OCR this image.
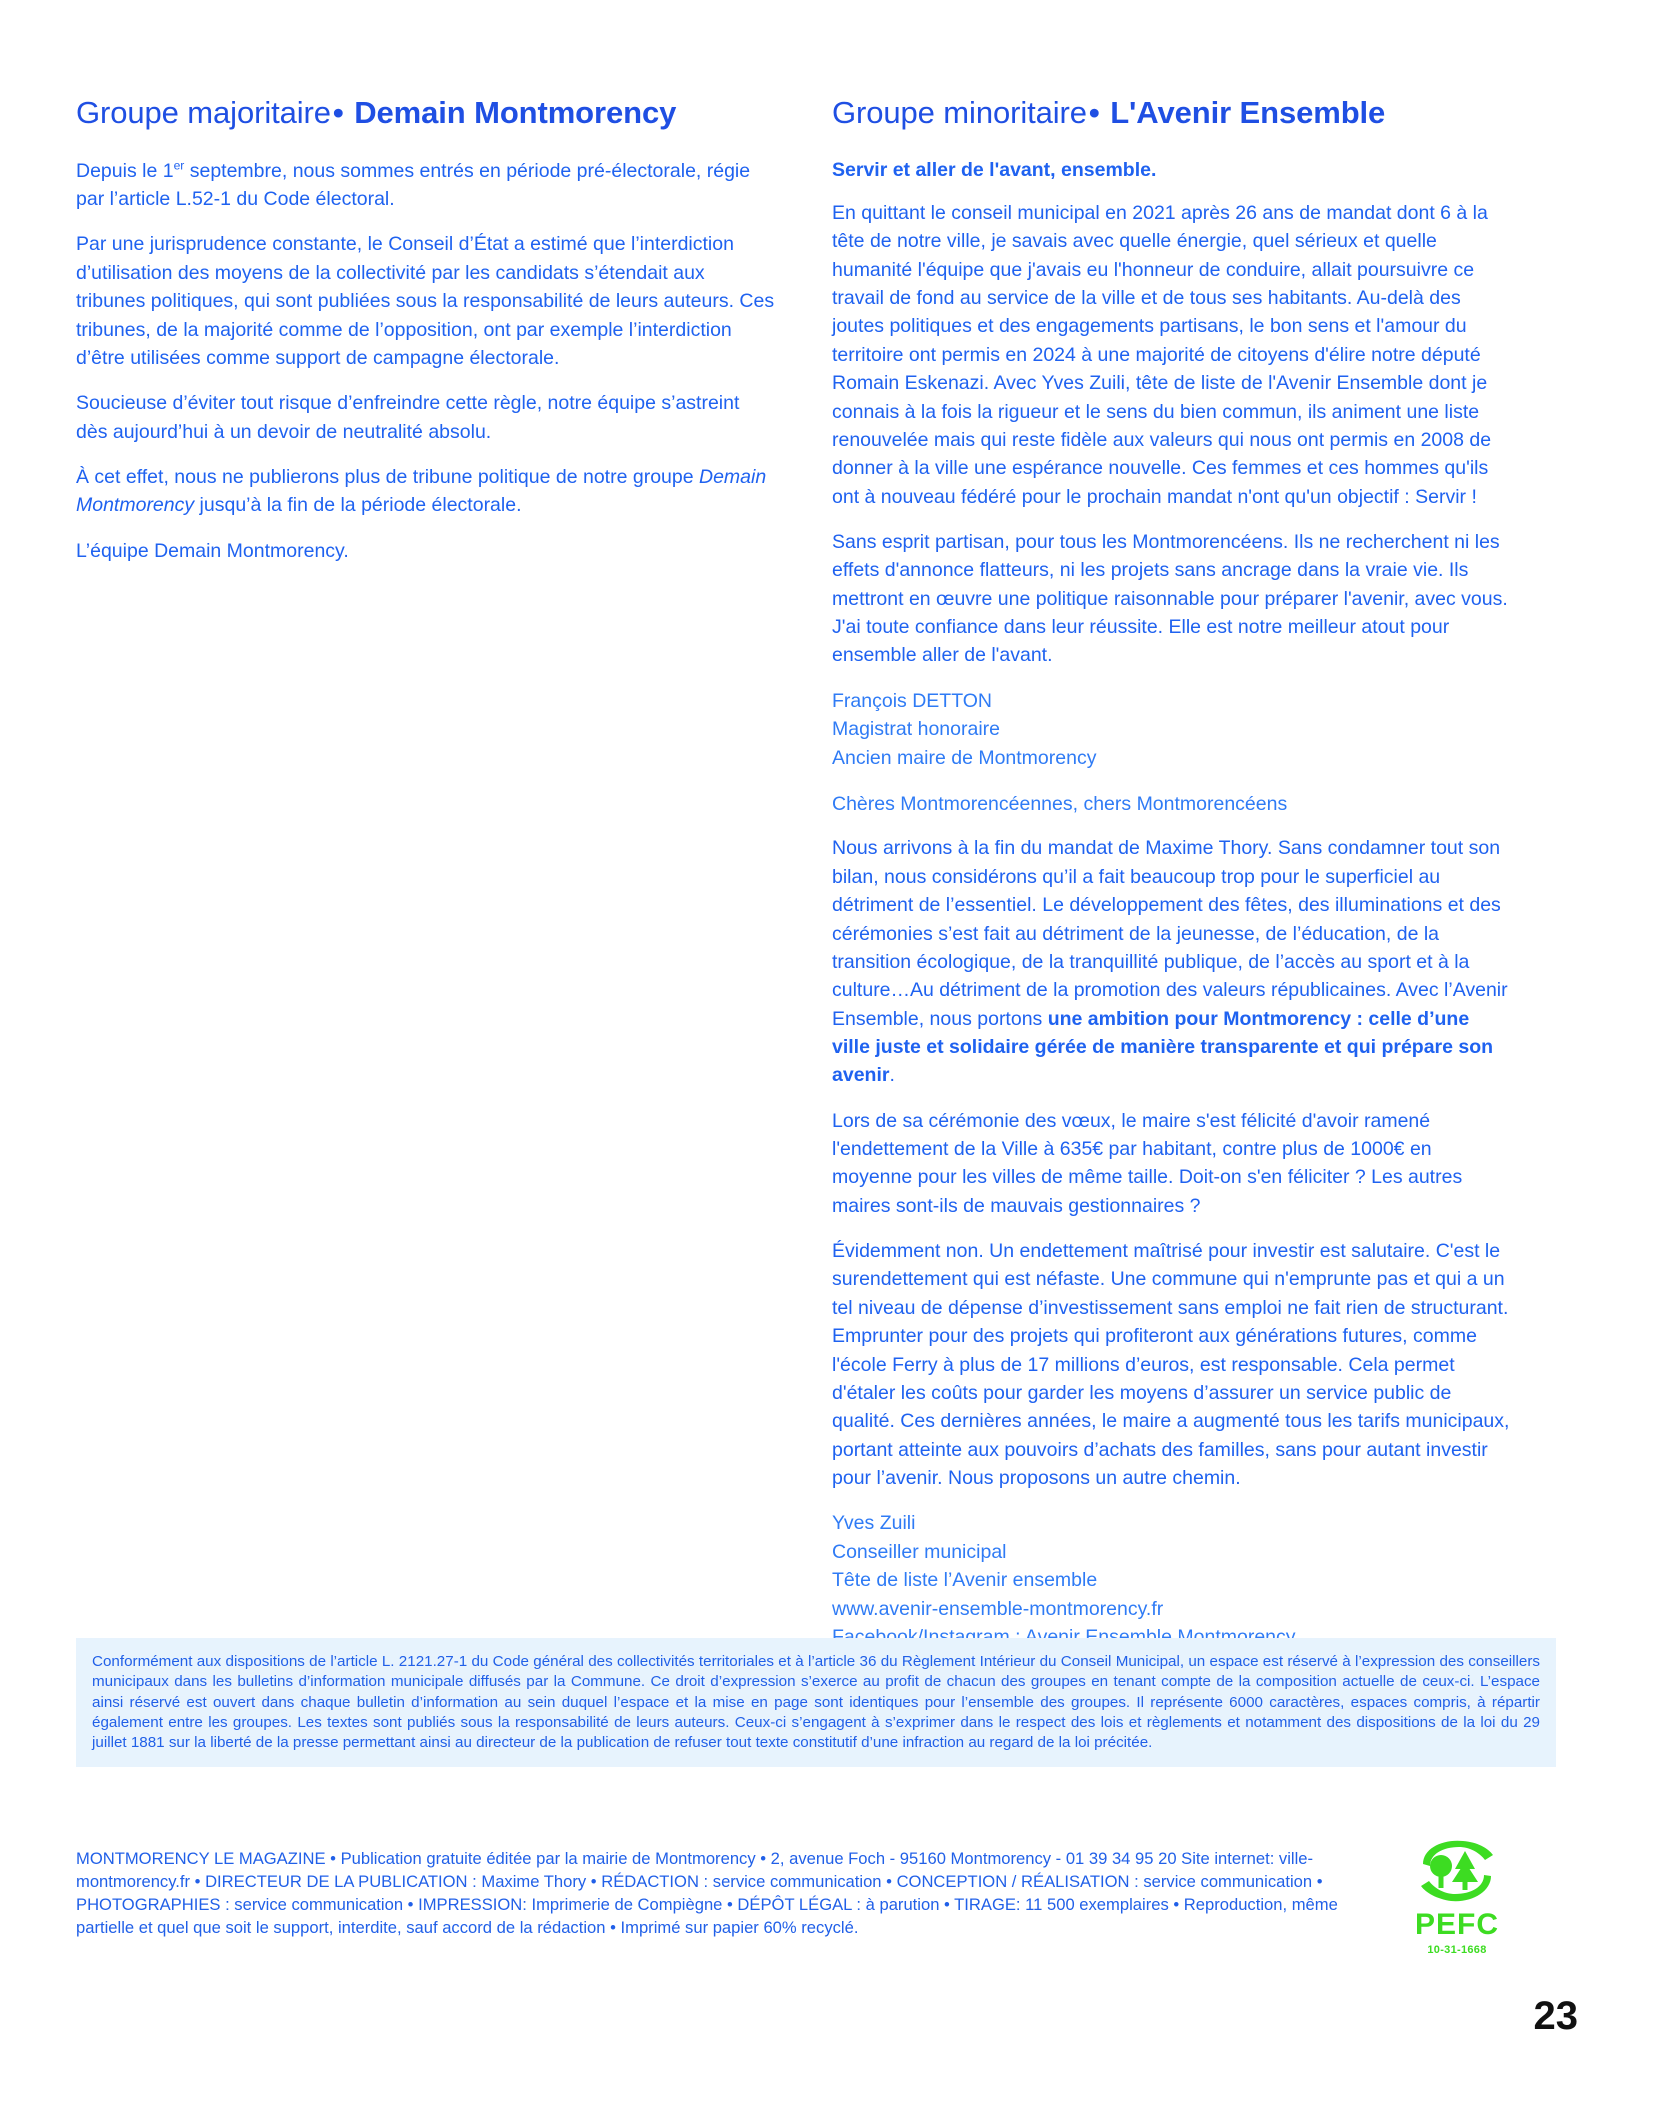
Groupe majoritaire• Demain Montmorency

Depuis le 1er septembre, nous sommes entrés en période pré-électorale, régie par l’article L.52-1 du Code électoral.

Par une jurisprudence constante, le Conseil d’État a estimé que l’interdiction d’utilisation des moyens de la collectivité par les candidats s’étendait aux tribunes politiques, qui sont publiées sous la responsabilité de leurs auteurs. Ces tribunes, de la majorité comme de l’opposition, ont par exemple l’interdiction d’être utilisées comme support de campagne électorale.

Soucieuse d’éviter tout risque d’enfreindre cette règle, notre équipe s’astreint dès aujourd’hui à un devoir de neutralité absolu.

À cet effet, nous ne publierons plus de tribune politique de notre groupe Demain Montmorency jusqu’à la fin de la période électorale.

L’équipe Demain Montmorency.

Groupe minoritaire• L'Avenir Ensemble

Servir et aller de l'avant, ensemble.

En quittant le conseil municipal en 2021 après 26 ans de mandat dont 6 à la tête de notre ville, je savais avec quelle énergie, quel sérieux et quelle humanité l'équipe que j'avais eu l'honneur de conduire, allait poursuivre ce travail de fond au service de la ville et de tous ses habitants. Au-delà des joutes politiques et des engagements partisans, le bon sens et l'amour du territoire ont permis en 2024 à une majorité de citoyens d'élire notre député Romain Eskenazi. Avec Yves Zuili, tête de liste de l'Avenir Ensemble dont je connais à la fois la rigueur et le sens du bien commun, ils animent une liste renouvelée mais qui reste fidèle aux valeurs qui nous ont permis en 2008 de donner à la ville une espérance nouvelle. Ces femmes et ces hommes qu'ils ont à nouveau fédéré pour le prochain mandat n'ont qu'un objectif : Servir !

Sans esprit partisan, pour tous les Montmorencéens. Ils ne recherchent ni les effets d'annonce flatteurs, ni les projets sans ancrage dans la vraie vie. Ils mettront en œuvre une politique raisonnable pour préparer l'avenir, avec vous. J'ai toute confiance dans leur réussite. Elle est notre meilleur atout pour ensemble aller de l'avant.

François DETTON
Magistrat honoraire
Ancien maire de Montmorency

Chères Montmorencéennes, chers Montmorencéens

Nous arrivons à la fin du mandat de Maxime Thory. Sans condamner tout son bilan, nous considérons qu’il a fait beaucoup trop pour le superficiel au détriment de l’essentiel. Le développement des fêtes, des illuminations et des cérémonies s’est fait au détriment de la jeunesse, de l’éducation, de la transition écologique, de la tranquillité publique, de l’accès au sport et à la culture…Au détriment de la promotion des valeurs républicaines. Avec l’Avenir Ensemble, nous portons une ambition pour Montmorency : celle d’une ville juste et solidaire gérée de manière transparente et qui prépare son avenir.

Lors de sa cérémonie des vœux, le maire s'est félicité d'avoir ramené l'endettement de la Ville à 635€ par habitant, contre plus de 1000€ en moyenne pour les villes de même taille. Doit-on s'en féliciter ? Les autres maires sont-ils de mauvais gestionnaires ?

Évidemment non. Un endettement maîtrisé pour investir est salutaire. C'est le surendettement qui est néfaste. Une commune qui n'emprunte pas et qui a un tel niveau de dépense d’investissement sans emploi ne fait rien de structurant. Emprunter pour des projets qui profiteront aux générations futures, comme l'école Ferry à plus de 17 millions d’euros, est responsable. Cela permet d'étaler les coûts pour garder les moyens d’assurer un service public de qualité. Ces dernières années, le maire a augmenté tous les tarifs municipaux, portant atteinte aux pouvoirs d’achats des familles, sans pour autant investir pour l’avenir. Nous proposons un autre chemin.

Yves Zuili
Conseiller municipal
Tête de liste l’Avenir ensemble
www.avenir-ensemble-montmorency.fr

Conformément aux dispositions de l’article L. 2121.27-1 du Code général des collectivités territoriales et à l’article 36 du Règlement Intérieur du Conseil Municipal, un espace est réservé à l’expression des conseillers municipaux dans les bulletins d’information municipale diffusés par la Commune. Ce droit d’expression s’exerce au profit de chacun des groupes en tenant compte de la composition actuelle de ceux-ci. L’espace ainsi réservé est ouvert dans chaque bulletin d’information au sein duquel l’espace et la mise en page sont identiques pour l’ensemble des groupes. Il représente 6000 caractères, espaces compris, à répartir également entre les groupes. Les textes sont publiés sous la responsabilité de leurs auteurs. Ceux-ci s’engagent à s’exprimer dans le respect des lois et règlements et notamment des dispositions de la loi du 29 juillet 1881 sur la liberté de la presse permettant ainsi au directeur de la publication de refuser tout texte constitutif d’une infraction au regard de la loi précitée.

MONTMORENCY LE MAGAZINE • Publication gratuite éditée par la mairie de Montmorency • 2, avenue Foch - 95160 Montmorency - 01 39 34 95 20 Site internet: ville-montmorency.fr • DIRECTEUR DE LA PUBLICATION : Maxime Thory • RÉDACTION : service communication • CONCEPTION / RÉALISATION : service communication • PHOTOGRAPHIES : service communication • IMPRESSION: Imprimerie de Compiègne • DÉPÔT LÉGAL : à parution • TIRAGE: 11 500 exemplaires • Reproduction, même partielle et quel que soit le support, interdite, sauf accord de la rédaction • Imprimé sur papier 60% recyclé.	PEFC
10-31-1668
23
